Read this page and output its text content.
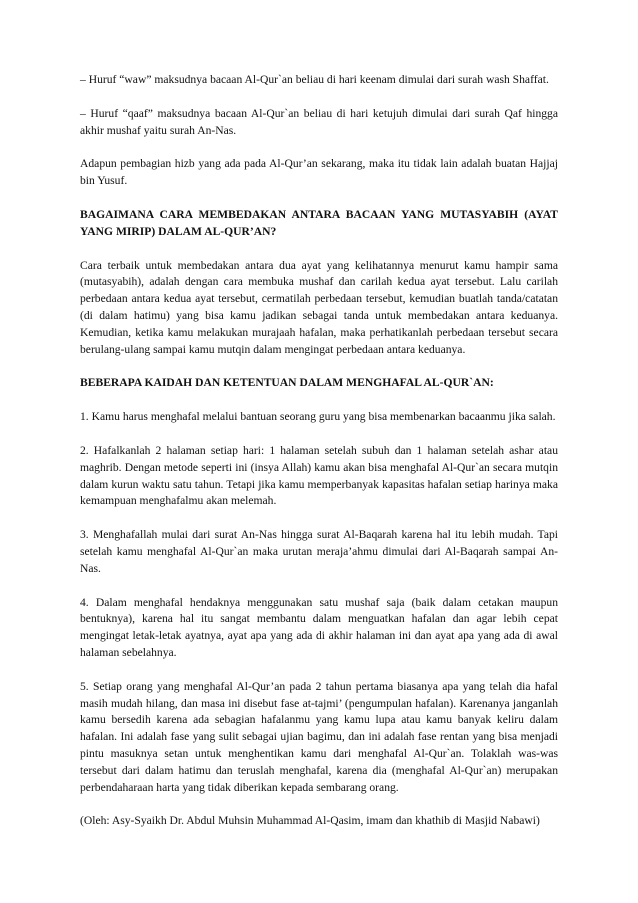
– Huruf “waw” maksudnya bacaan Al-Qur`an beliau di hari keenam dimulai dari surah wash Shaffat.

– Huruf “qaaf” maksudnya bacaan Al-Qur`an beliau di hari ketujuh dimulai dari surah Qaf hingga akhir mushaf yaitu surah An-Nas.

Adapun pembagian hizb yang ada pada Al-Qur’an sekarang, maka itu tidak lain adalah buatan Hajjaj bin Yusuf.

BAGAIMANA CARA MEMBEDAKAN ANTARA BACAAN YANG MUTASYABIH (AYAT YANG MIRIP) DALAM AL-QUR’AN?

Cara terbaik untuk membedakan antara dua ayat yang kelihatannya menurut kamu hampir sama (mutasyabih), adalah dengan cara membuka mushaf dan carilah kedua ayat tersebut. Lalu carilah perbedaan antara kedua ayat tersebut, cermatilah perbedaan tersebut, kemudian buatlah tanda/catatan (di dalam hatimu) yang bisa kamu jadikan sebagai tanda untuk membedakan antara keduanya. Kemudian, ketika kamu melakukan murajaah hafalan, maka perhatikanlah perbedaan tersebut secara berulang-ulang sampai kamu mutqin dalam mengingat perbedaan antara keduanya.

BEBERAPA KAIDAH DAN KETENTUAN DALAM MENGHAFAL AL-QUR`AN:

1. Kamu harus menghafal melalui bantuan seorang guru yang bisa membenarkan bacaanmu jika salah.

2. Hafalkanlah 2 halaman setiap hari: 1 halaman setelah subuh dan 1 halaman setelah ashar atau maghrib. Dengan metode seperti ini (insya Allah) kamu akan bisa menghafal Al-Qur`an secara mutqin dalam kurun waktu satu tahun. Tetapi jika kamu memperbanyak kapasitas hafalan setiap harinya maka kemampuan menghafalmu akan melemah.

3. Menghafallah mulai dari surat An-Nas hingga surat Al-Baqarah karena hal itu lebih mudah. Tapi setelah kamu menghafal Al-Qur`an maka urutan meraja’ahmu dimulai dari Al-Baqarah sampai An-Nas.

4. Dalam menghafal hendaknya menggunakan satu mushaf saja (baik dalam cetakan maupun bentuknya), karena hal itu sangat membantu dalam menguatkan hafalan dan agar lebih cepat mengingat letak-letak ayatnya, ayat apa yang ada di akhir halaman ini dan ayat apa yang ada di awal halaman sebelahnya.

5. Setiap orang yang menghafal Al-Qur’an pada 2 tahun pertama biasanya apa yang telah dia hafal masih mudah hilang, dan masa ini disebut fase at-tajmi’ (pengumpulan hafalan). Karenanya janganlah kamu bersedih karena ada sebagian hafalanmu yang kamu lupa atau kamu banyak keliru dalam hafalan. Ini adalah fase yang sulit sebagai ujian bagimu, dan ini adalah fase rentan yang bisa menjadi pintu masuknya setan untuk menghentikan kamu dari menghafal Al-Qur`an. Tolaklah was-was tersebut dari dalam hatimu dan teruslah menghafal, karena dia (menghafal Al-Qur`an) merupakan perbendaharaan harta yang tidak diberikan kepada sembarang orang.

(Oleh: Asy-Syaikh Dr. Abdul Muhsin Muhammad Al-Qasim, imam dan khathib di Masjid Nabawi)
